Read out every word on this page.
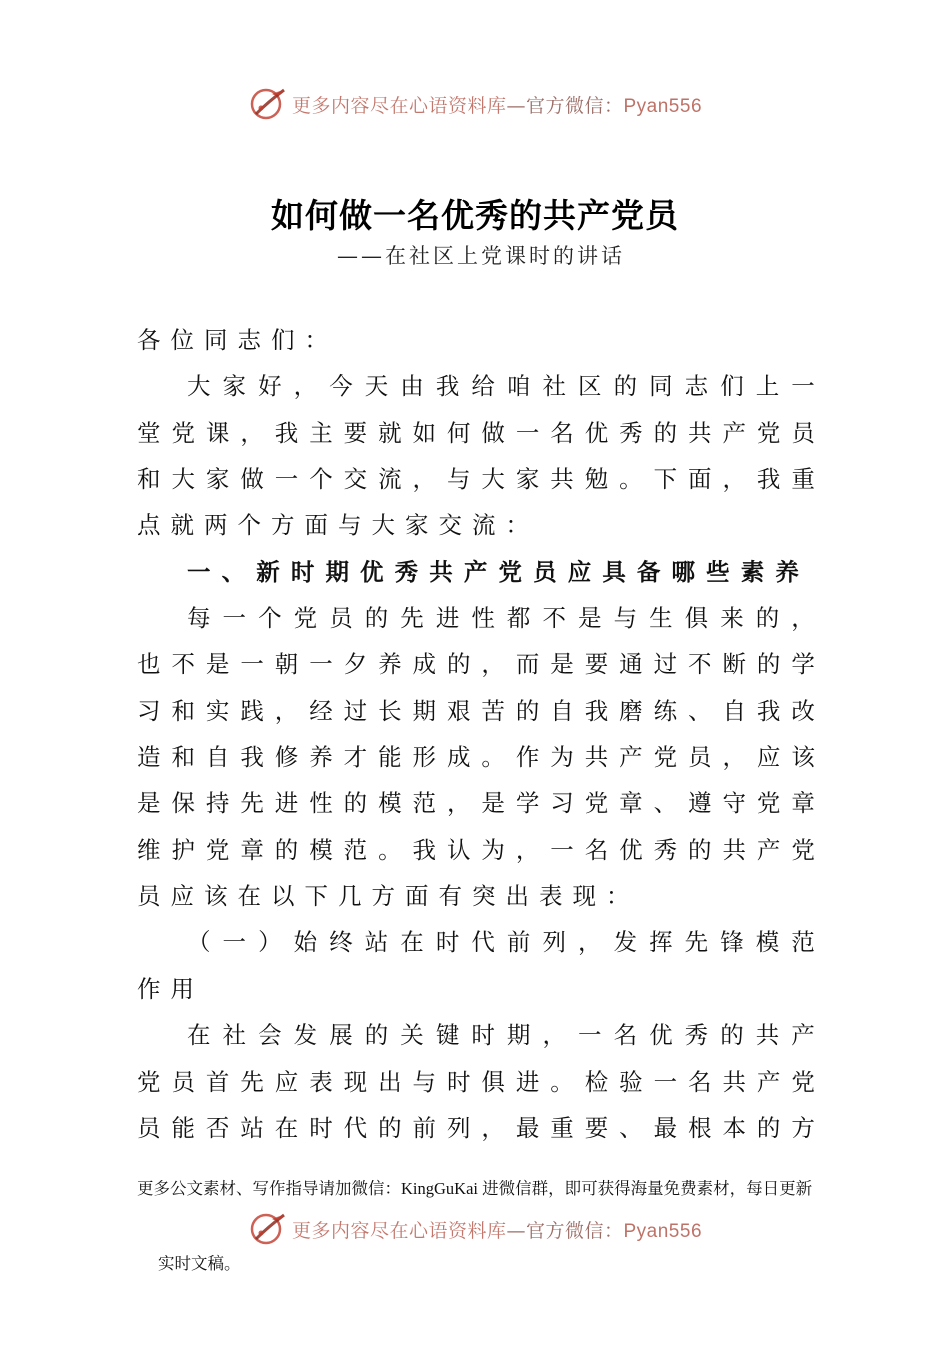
更多内容尽在心语资料库—官方微信：Pyan556
如何做一名优秀的共产党员
——在社区上党课时的讲话
各位同志们：
大 家 好 ， 今 天 由 我 给 咱 社 区 的 同 志 们 上 一
堂 党 课 ， 我 主 要 就 如 何 做 一 名 优 秀 的 共 产 党 员
和 大 家 做 一 个 交 流 ， 与 大 家 共 勉 。 下 面 ， 我 重
点就两个方面与大家交流：
一 、 新 时 期 优 秀 共 产 党 员 应 具 备 哪 些 素 养
每 一 个 党 员 的 先 进 性 都 不 是 与 生 俱 来 的 ，
也 不 是 一 朝 一 夕 养 成 的 ， 而 是 要 通 过 不 断 的 学
习 和 实 践 ， 经 过 长 期 艰 苦 的 自 我 磨 练 、 自 我 改
造 和 自 我 修 养 才 能 形 成 。 作 为 共 产 党 员 ， 应 该
是 保 持 先 进 性 的 模 范 ， 是 学 习 党 章 、 遵 守 党 章
维 护 党 章 的 模 范 。 我 认 为 ， 一 名 优 秀 的 共 产 党
员应该在以下几方面有突出表现：
（ 一 ） 始 终 站 在 时 代 前 列 ， 发 挥 先 锋 模 范
作用
在 社 会 发 展 的 关 键 时 期 ， 一 名 优 秀 的 共 产
党 员 首 先 应 表 现 出 与 时 俱 进 。 检 验 一 名 共 产 党
员 能 否 站 在 时 代 的 前 列 ， 最 重 要 、 最 根 本 的 方
更多公文素材、写作指导请加微信：KingGuKai 进微信群，即可获得海量免费素材，每日更新
更多内容尽在心语资料库—官方微信：Pyan556
实时文稿。
